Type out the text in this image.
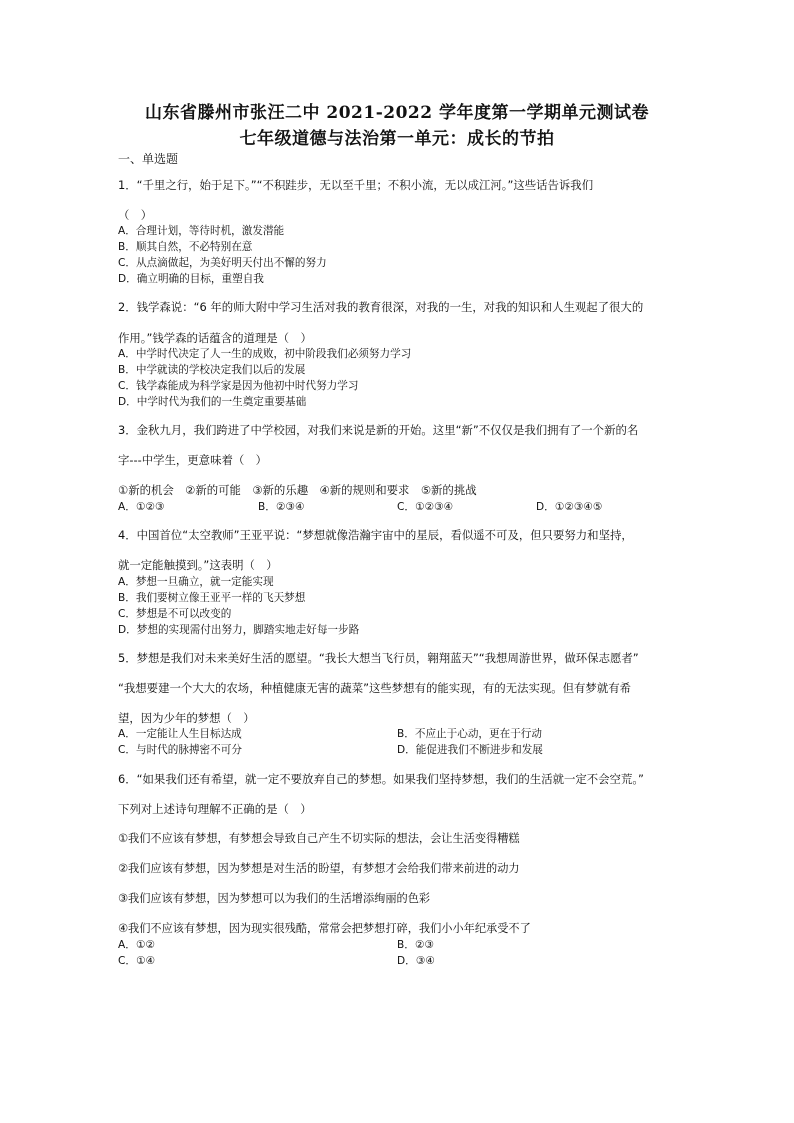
山东省滕州市张汪二中 2021-2022 学年度第一学期单元测试卷
七年级道德与法治第一单元：成长的节拍
一、单选题
1．“千里之行，始于足下。”“不积跬步，无以至千里；不积小流，无以成江河。”这些话告诉我们
（　）
A．合理计划，等待时机，激发潜能
B．顺其自然，不必特别在意
C．从点滴做起，为美好明天付出不懈的努力
D．确立明确的目标，重塑自我
2．钱学森说：“6 年的师大附中学习生活对我的教育很深，对我的一生，对我的知识和人生观起了很大的
作用。”钱学森的话蕴含的道理是（　）
A．中学时代决定了人一生的成败，初中阶段我们必须努力学习
B．中学就读的学校决定我们以后的发展
C．钱学森能成为科学家是因为他初中时代努力学习
D．中学时代为我们的一生奠定重要基础
3．金秋九月，我们跨进了中学校园，对我们来说是新的开始。这里“新”不仅仅是我们拥有了一个新的名
字---中学生，更意味着（　）
①新的机会　②新的可能　③新的乐趣　④新的规则和要求　⑤新的挑战
A．①②③	B．②③④	C．①②③④	D．①②③④⑤
4．中国首位“太空教师”王亚平说：“梦想就像浩瀚宇宙中的星辰，看似遥不可及，但只要努力和坚持，
就一定能触摸到。”这表明（　）
A．梦想一旦确立，就一定能实现
B．我们要树立像王亚平一样的飞天梦想
C．梦想是不可以改变的
D．梦想的实现需付出努力，脚踏实地走好每一步路
5．梦想是我们对未来美好生活的愿望。“我长大想当飞行员，翱翔蓝天”“我想周游世界，做环保志愿者”
“我想要建一个大大的农场，种植健康无害的蔬菜”这些梦想有的能实现，有的无法实现。但有梦就有希
望，因为少年的梦想（　）
A．一定能让人生目标达成	B．不应止于心动，更在于行动
C．与时代的脉搏密不可分	D．能促进我们不断进步和发展
6．“如果我们还有希望，就一定不要放弃自己的梦想。如果我们坚持梦想，我们的生活就一定不会空荒。”
下列对上述诗句理解不正确的是（　）
①我们不应该有梦想，有梦想会导致自己产生不切实际的想法，会让生活变得糟糕
②我们应该有梦想，因为梦想是对生活的盼望，有梦想才会给我们带来前进的动力
③我们应该有梦想，因为梦想可以为我们的生活增添绚丽的色彩
④我们不应该有梦想，因为现实很残酷，常常会把梦想打碎，我们小小年纪承受不了
A．①②	B．②③
C．①④	D．③④
